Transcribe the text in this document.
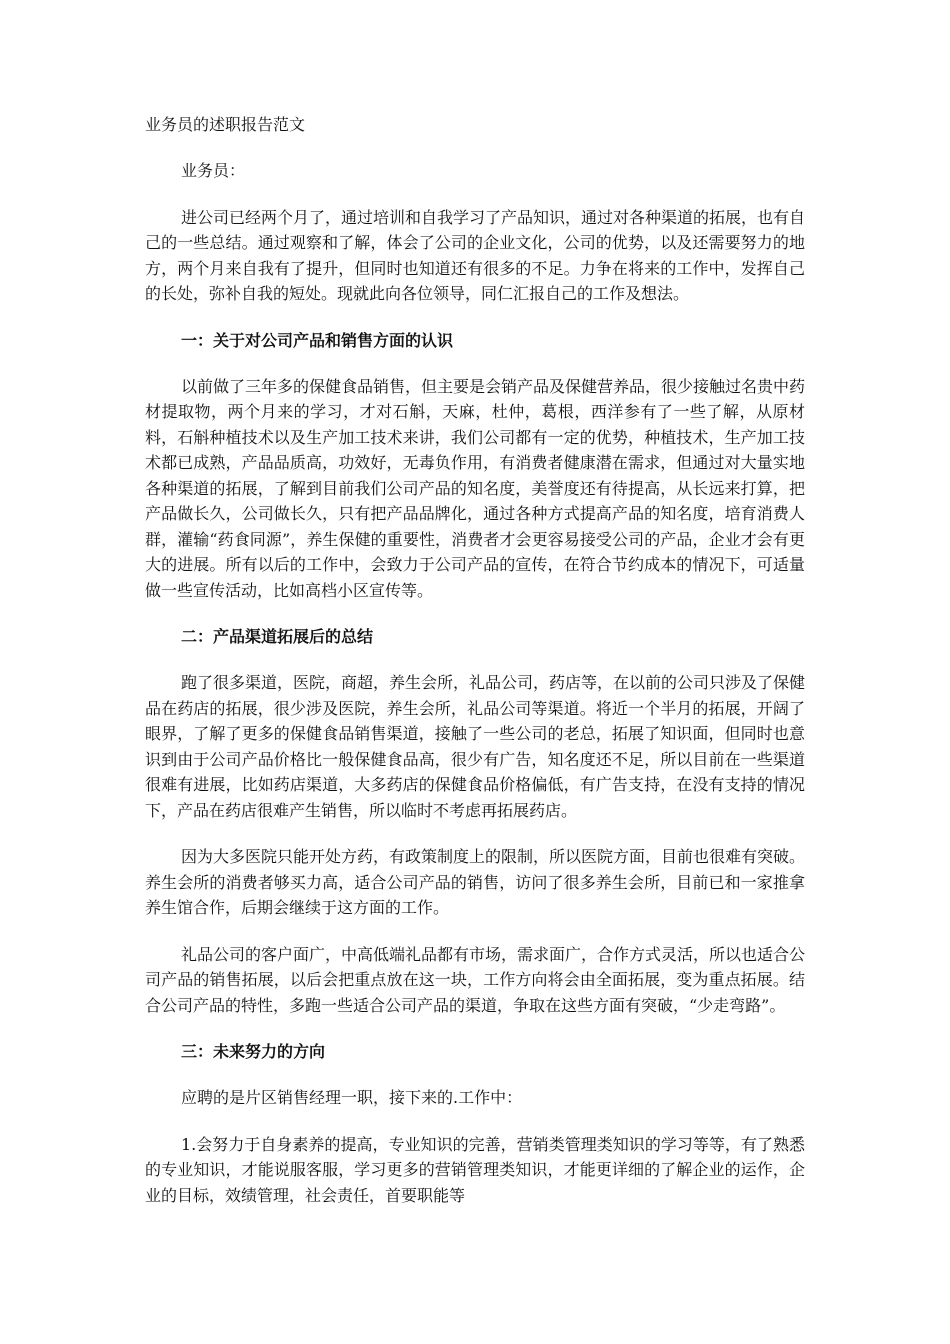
业务员的述职报告范文

业务员：

进公司已经两个月了，通过培训和自我学习了产品知识，通过对各种渠道的拓展，也有自己的一些总结。通过观察和了解，体会了公司的企业文化，公司的优势，以及还需要努力的地方，两个月来自我有了提升，但同时也知道还有很多的不足。力争在将来的工作中，发挥自己的长处，弥补自我的短处。现就此向各位领导，同仁汇报自己的工作及想法。

一：关于对公司产品和销售方面的认识

以前做了三年多的保健食品销售，但主要是会销产品及保健营养品，很少接触过名贵中药材提取物，两个月来的学习，才对石斛，天麻，杜仲，葛根，西洋参有了一些了解，从原材料，石斛种植技术以及生产加工技术来讲，我们公司都有一定的优势，种植技术，生产加工技术都已成熟，产品品质高，功效好，无毒负作用，有消费者健康潜在需求，但通过对大量实地各种渠道的拓展，了解到目前我们公司产品的知名度，美誉度还有待提高，从长远来打算，把产品做长久，公司做长久，只有把产品品牌化，通过各种方式提高产品的知名度，培育消费人群，灌输“药食同源”，养生保健的重要性，消费者才会更容易接受公司的产品，企业才会有更大的进展。所有以后的工作中，会致力于公司产品的宣传，在符合节约成本的情况下，可适量做一些宣传活动，比如高档小区宣传等。

二：产品渠道拓展后的总结

跑了很多渠道，医院，商超，养生会所，礼品公司，药店等，在以前的公司只涉及了保健品在药店的拓展，很少涉及医院，养生会所，礼品公司等渠道。将近一个半月的拓展，开阔了眼界，了解了更多的保健食品销售渠道，接触了一些公司的老总，拓展了知识面，但同时也意识到由于公司产品价格比一般保健食品高，很少有广告，知名度还不足，所以目前在一些渠道很难有进展，比如药店渠道，大多药店的保健食品价格偏低，有广告支持，在没有支持的情况下，产品在药店很难产生销售，所以临时不考虑再拓展药店。

因为大多医院只能开处方药，有政策制度上的限制，所以医院方面，目前也很难有突破。养生会所的消费者够买力高，适合公司产品的销售，访问了很多养生会所，目前已和一家推拿养生馆合作，后期会继续于这方面的工作。

礼品公司的客户面广，中高低端礼品都有市场，需求面广，合作方式灵活，所以也适合公司产品的销售拓展，以后会把重点放在这一块，工作方向将会由全面拓展，变为重点拓展。结合公司产品的特性，多跑一些适合公司产品的渠道，争取在这些方面有突破，“少走弯路”。

三：未来努力的方向

应聘的是片区销售经理一职，接下来的.工作中：

1.会努力于自身素养的提高，专业知识的完善，营销类管理类知识的学习等等，有了熟悉的专业知识，才能说服客服，学习更多的营销管理类知识，才能更详细的了解企业的运作，企业的目标，效绩管理，社会责任，首要职能等
